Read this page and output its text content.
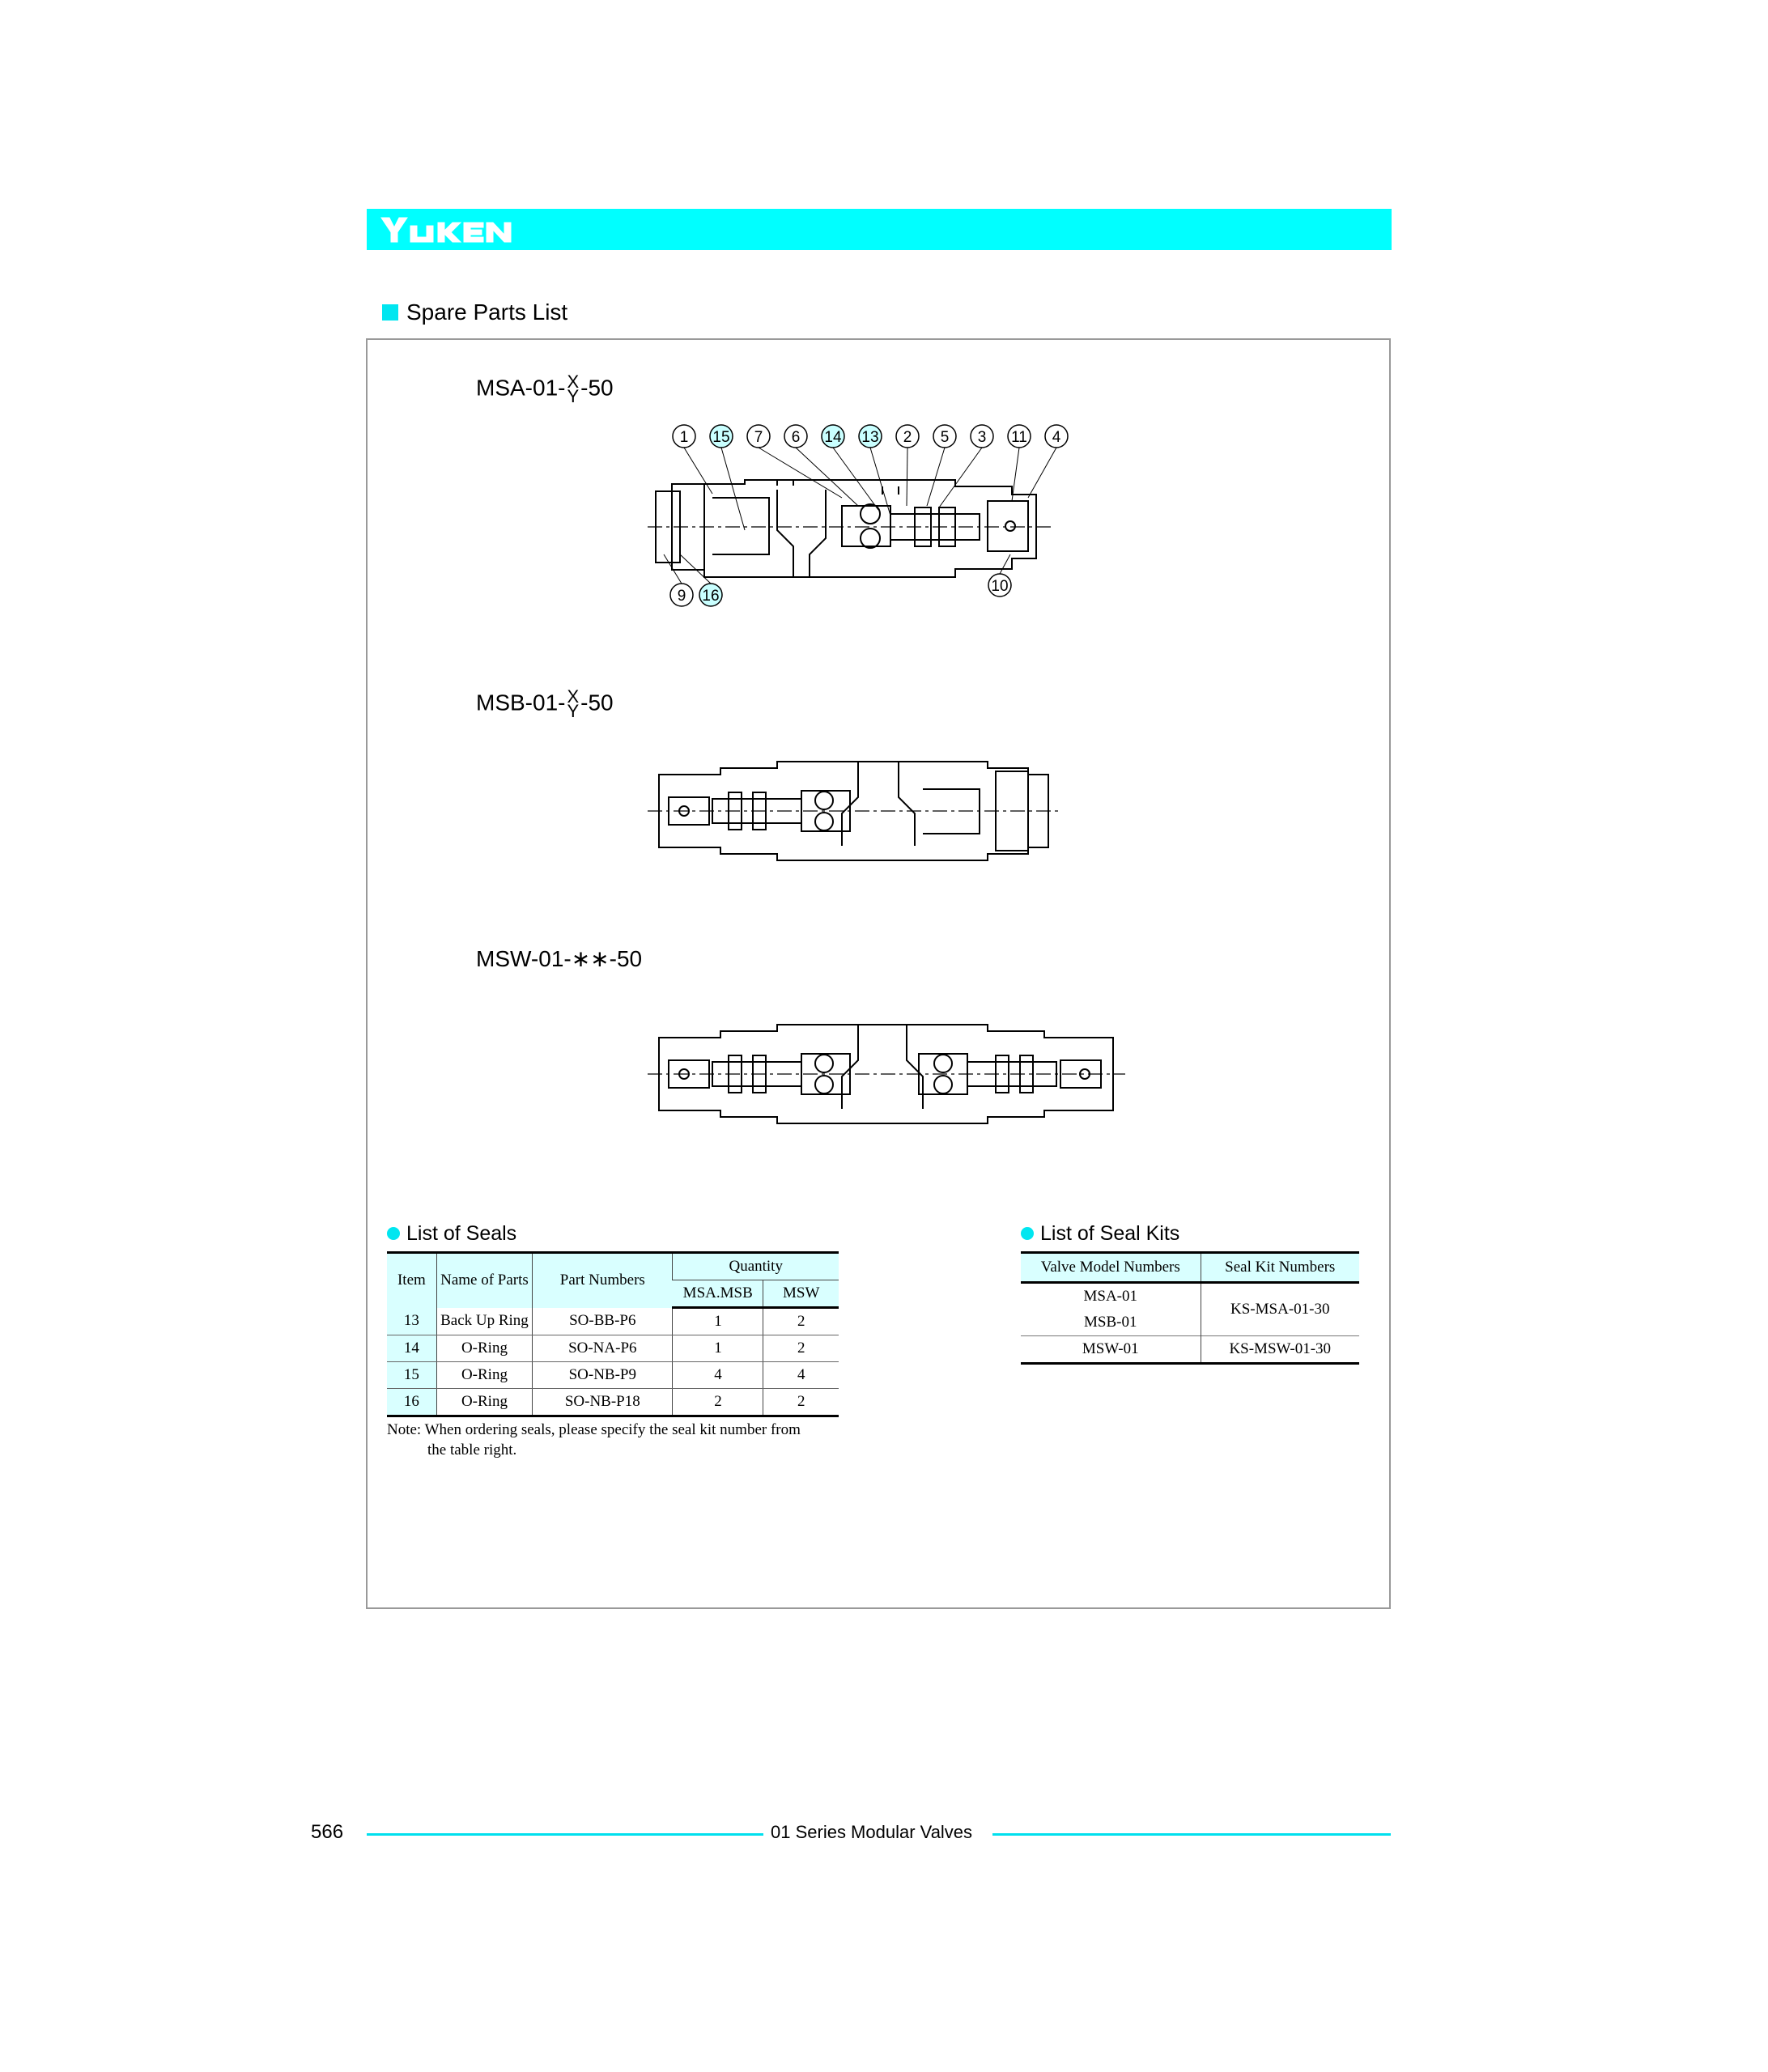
Spare Parts List
MSA-01-X
Y-50
MSB-01-X
Y-50
MSW-01-∗∗-50
1 15 7 6 14 13 2 5 3 11 4
9 16
10
List of Seals
Item	Name of Parts	Part Numbers	Quantity	
			MSA.MSB	MSW
13	Back Up Ring	SO-BB-P6	1	2
14	O-Ring	SO-NA-P6	1	2
15	O-Ring	SO-NB-P9	4	4
16	O-Ring	SO-NB-P18	2	2
Note: When ordering seals, please specify the seal kit number from
the table right.
List of Seal Kits
Valve Model Numbers	Seal Kit Numbers
MSA-01	KS-MSA-01-30
MSB-01	
MSW-01	KS-MSW-01-30
566	01 Series Modular Valves
